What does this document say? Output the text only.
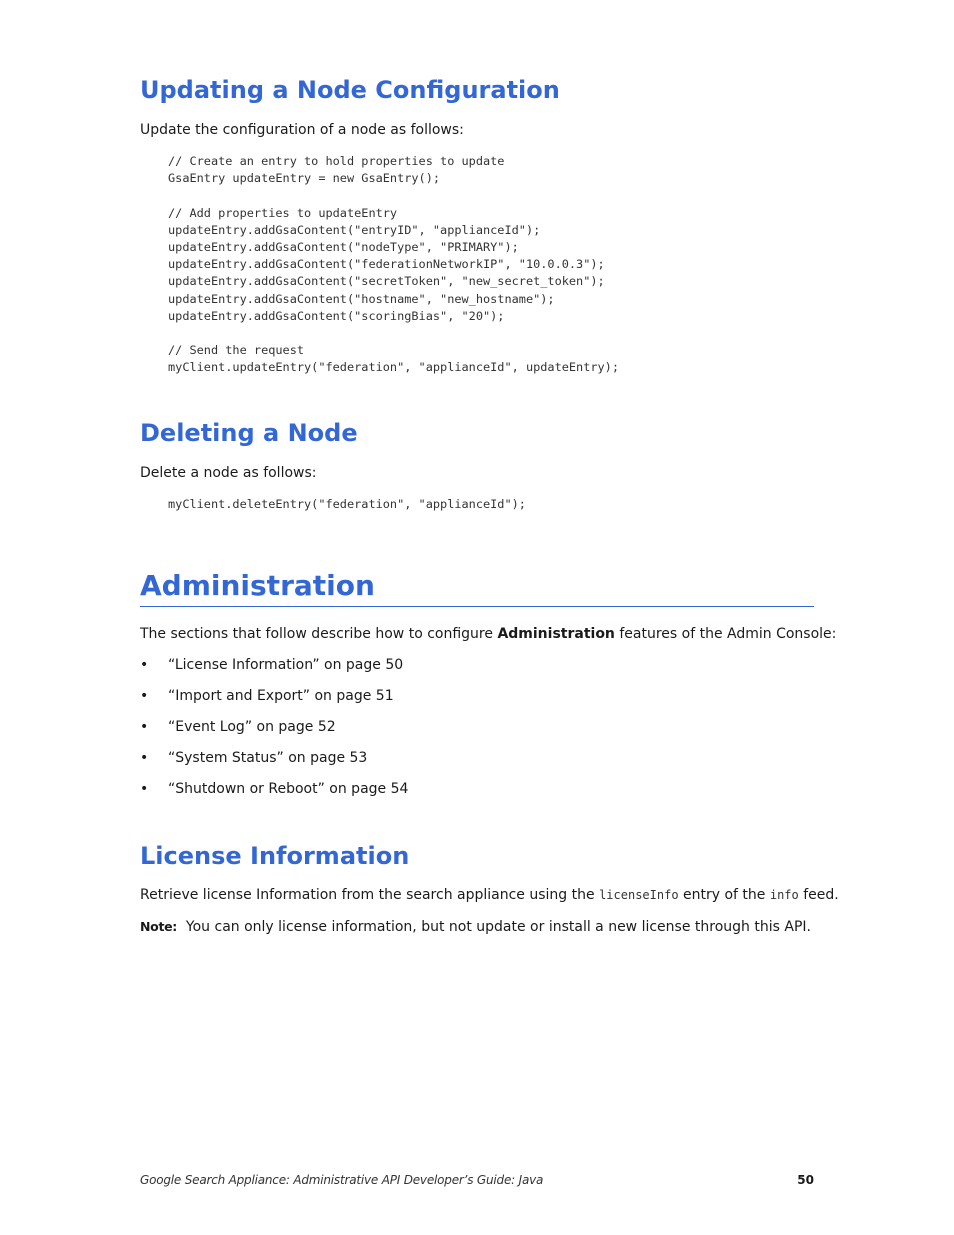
Updating a Node Configuration

Update the configuration of a node as follows:

// Create an entry to hold properties to update
GsaEntry updateEntry = new GsaEntry();

// Add properties to updateEntry
updateEntry.addGsaContent("entryID", "applianceId");
updateEntry.addGsaContent("nodeType", "PRIMARY");
updateEntry.addGsaContent("federationNetworkIP", "10.0.0.3");
updateEntry.addGsaContent("secretToken", "new_secret_token");
updateEntry.addGsaContent("hostname", "new_hostname");
updateEntry.addGsaContent("scoringBias", "20");

// Send the request
myClient.updateEntry("federation", "applianceId", updateEntry);
Deleting a Node

Delete a node as follows:

myClient.deleteEntry("federation", "applianceId");
Administration

The sections that follow describe how to configure Administration features of the Admin Console:

• “License Information” on page 50
• “Import and Export” on page 51
• “Event Log” on page 52
• “System Status” on page 53
• “Shutdown or Reboot” on page 54
License Information

Retrieve license Information from the search appliance using the licenseInfo entry of the info feed.

Note: You can only license information, but not update or install a new license through this API.

Google Search Appliance: Administrative API Developer’s Guide: Java	50
